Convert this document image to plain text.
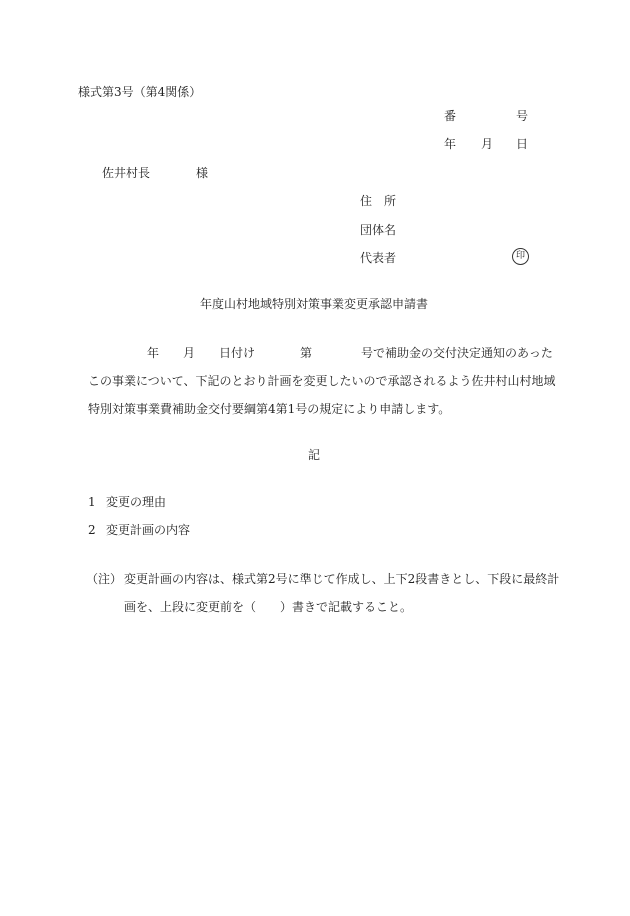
様式第3号（第4関係）
番	号
年 月 日
佐井村長	様
住　所
団体名
代表者	印
年度山村地域特別対策事業変更承認申請書
年 月 日付け	第	号で補助金の交付決定通知のあった
この事業について、下記のとおり計画を変更したいので承認されるよう佐井村山村地域
特別対策事業費補助金交付要綱第4第1号の規定により申請します。
記
1 変更の理由
2 変更計画の内容
（注） 変更計画の内容は、様式第2号に準じて作成し、上下2段書きとし、下段に最終計
画を、上段に変更前を（　　）書きで記載すること。
